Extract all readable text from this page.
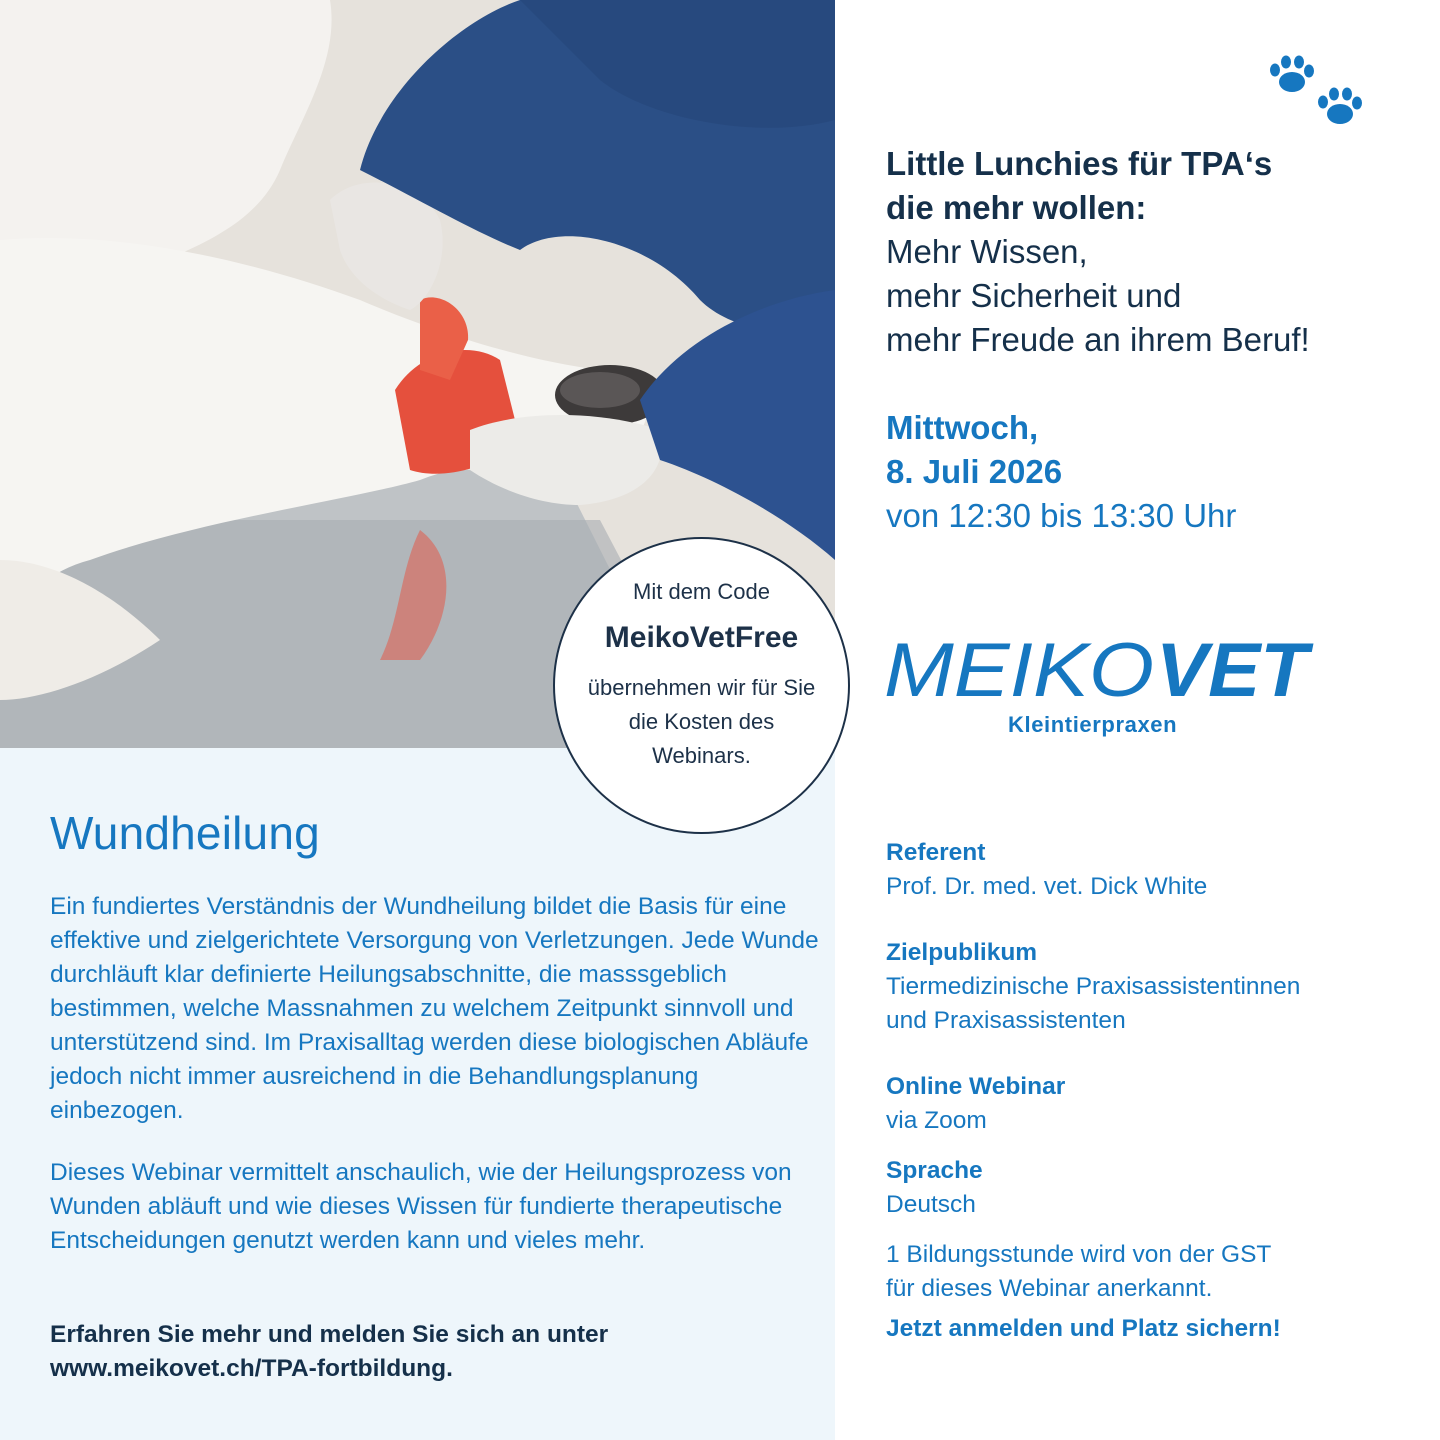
Wundheilung

Ein fundiertes Verständnis der Wundheilung bildet die Basis für eine effektive und zielgerichtete Versorgung von Verletzungen. Jede Wunde durchläuft klar definierte Heilungsabschnitte, die masssgeblich bestimmen, welche Massnahmen zu welchem Zeitpunkt sinnvoll und unterstützend sind. Im Praxisalltag werden diese biologischen Abläufe jedoch nicht immer ausreichend in die Behandlungsplanung einbezogen.

Dieses Webinar vermittelt anschaulich, wie der Heilungsprozess von Wunden abläuft und wie dieses Wissen für fundierte therapeutische Entscheidungen genutzt werden kann und vieles mehr.

Erfahren Sie mehr und melden Sie sich an unter www.meikovet.ch/TPA-fortbildung.

Mit dem Code
MeikoVetFree
übernehmen wir für Sie die Kosten des Webinars.
Little Lunchies für TPA‘s
die mehr wollen:
Mehr Wissen,
mehr Sicherheit und
mehr Freude an ihrem Beruf!
Mittwoch,
8. Juli 2026
von 12:30 bis 13:30 Uhr
MEIKO VET
Kleintierpraxen
Referent
Prof. Dr. med. vet. Dick White
Zielpublikum
Tiermedizinische Praxisassistentinnen
und Praxisassistenten
Online Webinar
via Zoom
Sprache
Deutsch
1 Bildungsstunde wird von der GST
für dieses Webinar anerkannt.
Jetzt anmelden und Platz sichern!
